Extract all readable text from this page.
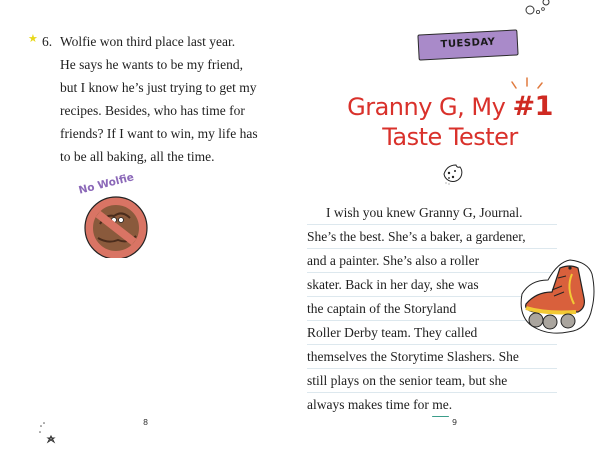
★ 6. Wolfie won third place last year.
He says he wants to be my friend,
but I know he’s just trying to get my
recipes. Besides, who has time for
friends? If I want to win, my life has
to be all baking, all the time.
No Wolfie
8
TUESDAY
Granny G, My #1
Taste Tester
I wish you knew Granny G, Journal.
She’s the best. She’s a baker, a gardener,
and a painter. She’s also a roller
skater. Back in her day, she was
the captain of the Storyland
Roller Derby team. They called
themselves the Storytime Slashers. She
still plays on the senior team, but she
always makes time for me.
9
